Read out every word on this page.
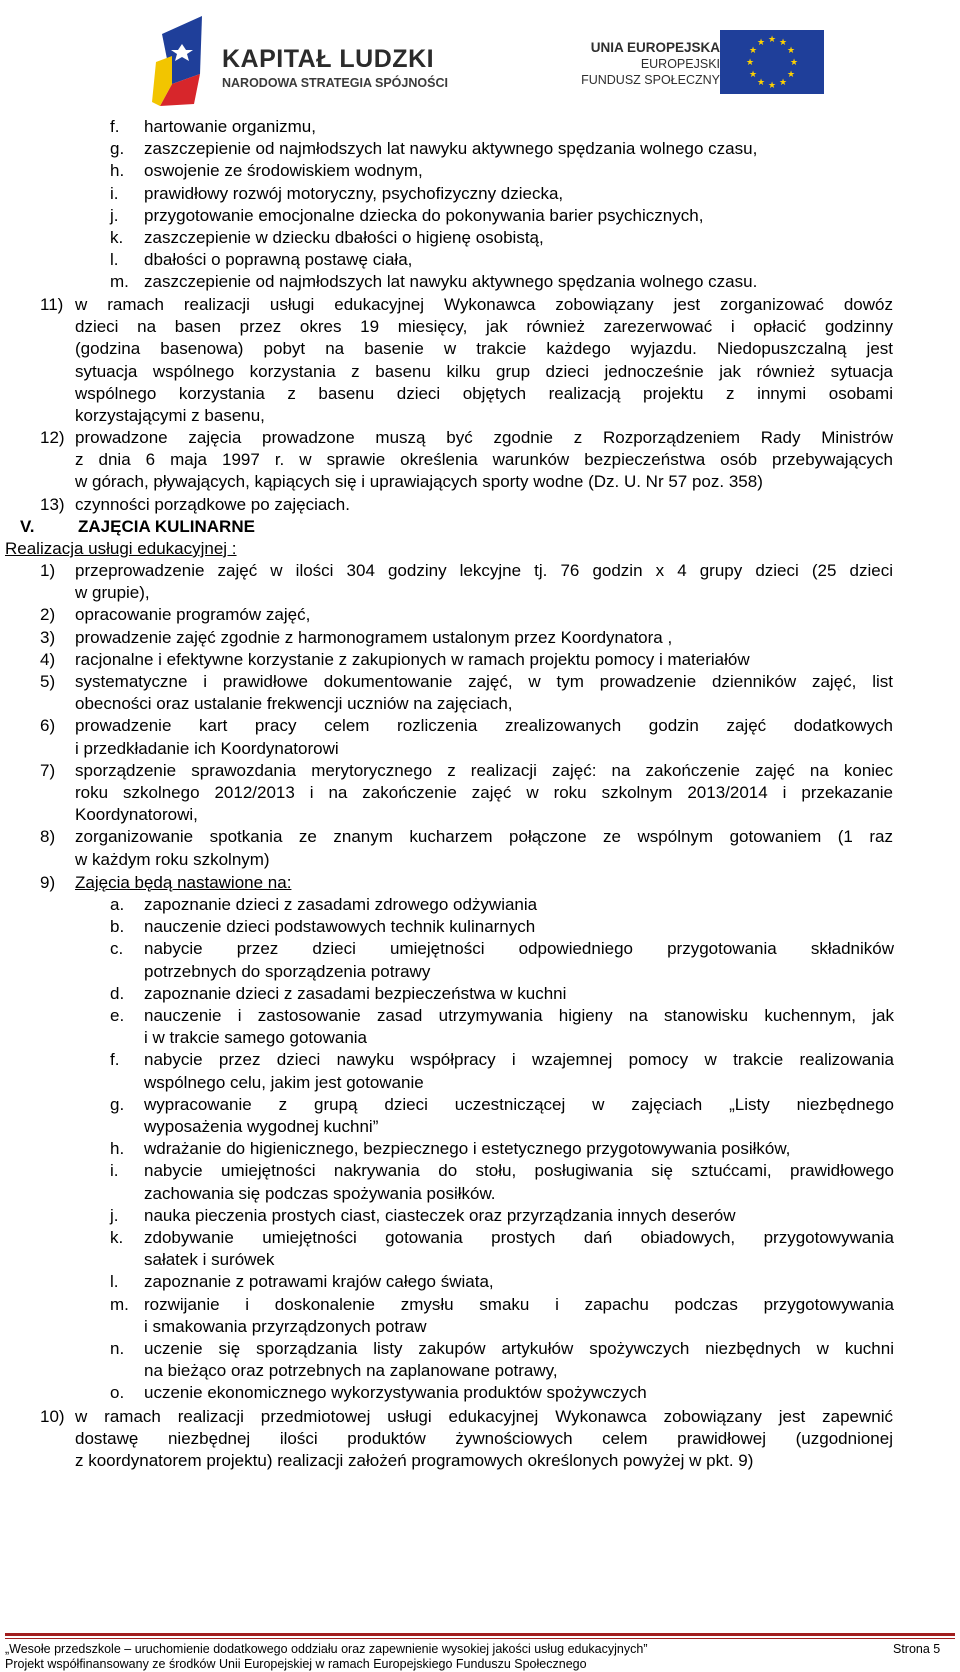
KAPITAŁ LUDZKI
NARODOWA STRATEGIA SPÓJNOŚCI
UNIA EUROPEJSKA
EUROPEJSKI
FUNDUSZ SPOŁECZNY
★ ★
★
★
★
★
★
★
★
★
★
★
f. hartowanie organizmu,
g. zaszczepienie od najmłodszych lat nawyku aktywnego spędzania wolnego czasu,
h. oswojenie ze środowiskiem wodnym,
i. prawidłowy rozwój motoryczny, psychofizyczny dziecka,
j. przygotowanie emocjonalne dziecka do pokonywania barier psychicznych,
k. zaszczepienie w dziecku dbałości o higienę osobistą,
l. dbałości o poprawną postawę ciała,
m. zaszczepienie od najmłodszych lat nawyku aktywnego spędzania wolnego czasu.
11) w ramach realizacji usługi edukacyjnej Wykonawca zobowiązany jest zorganizować dowóz
dzieci na basen przez okres 19 miesięcy, jak również zarezerwować i opłacić godzinny
(godzina basenowa) pobyt na basenie w trakcie każdego wyjazdu. Niedopuszczalną jest
sytuacja wspólnego korzystania z basenu kilku grup dzieci jednocześnie jak również sytuacja
wspólnego korzystania z basenu dzieci objętych realizacją projektu z innymi osobami
korzystającymi z basenu,
12) prowadzone zajęcia prowadzone muszą być zgodnie z Rozporządzeniem Rady Ministrów
z dnia 6 maja 1997 r. w sprawie określenia warunków bezpieczeństwa osób przebywających
w górach, pływających, kąpiących się i uprawiających sporty wodne (Dz. U. Nr 57 poz. 358)
13) czynności porządkowe po zajęciach.
V.	ZAJĘCIA KULINARNE
Realizacja usługi edukacyjnej :
1) przeprowadzenie zajęć w ilości 304 godziny lekcyjne tj. 76 godzin x 4 grupy dzieci (25 dzieci
w grupie),
2) opracowanie programów zajęć,
3) prowadzenie zajęć zgodnie z harmonogramem ustalonym przez Koordynatora ,
4) racjonalne i efektywne korzystanie z zakupionych w ramach projektu pomocy i materiałów
5) systematyczne i prawidłowe dokumentowanie zajęć, w tym prowadzenie dzienników zajęć, list
obecności oraz ustalanie frekwencji uczniów na zajęciach,
6) prowadzenie kart pracy celem rozliczenia zrealizowanych godzin zajęć dodatkowych
i przedkładanie ich Koordynatorowi
7) sporządzenie sprawozdania merytorycznego z realizacji zajęć: na zakończenie zajęć na koniec
roku szkolnego 2012/2013 i na zakończenie zajęć w roku szkolnym 2013/2014 i przekazanie
Koordynatorowi,
8) zorganizowanie spotkania ze znanym kucharzem połączone ze wspólnym gotowaniem (1 raz
w każdym roku szkolnym)
9) Zajęcia będą nastawione na:
a. zapoznanie dzieci z zasadami zdrowego odżywiania
b. nauczenie dzieci podstawowych technik kulinarnych
c. nabycie przez dzieci umiejętności odpowiedniego przygotowania składników
potrzebnych do sporządzenia potrawy
d. zapoznanie dzieci z zasadami bezpieczeństwa w kuchni
e. nauczenie i zastosowanie zasad utrzymywania higieny na stanowisku kuchennym, jak
i w trakcie samego gotowania
f. nabycie przez dzieci nawyku współpracy i wzajemnej pomocy w trakcie realizowania
wspólnego celu, jakim jest gotowanie
g. wypracowanie z grupą dzieci uczestniczącej w zajęciach „Listy niezbędnego
wyposażenia wygodnej kuchni”
h. wdrażanie do higienicznego, bezpiecznego i estetycznego przygotowywania posiłków,
i. nabycie umiejętności nakrywania do stołu, posługiwania się sztućcami, prawidłowego
zachowania się podczas spożywania posiłków.
j. nauka pieczenia prostych ciast, ciasteczek oraz przyrządzania innych deserów
k. zdobywanie umiejętności gotowania prostych dań obiadowych, przygotowywania
sałatek i surówek
l. zapoznanie z potrawami krajów całego świata,
m. rozwijanie i doskonalenie zmysłu smaku i zapachu podczas przygotowywania
i smakowania przyrządzonych potraw
n. uczenie się sporządzania listy zakupów artykułów spożywczych niezbędnych w kuchni
na bieżąco oraz potrzebnych na zaplanowane potrawy,
o. uczenie ekonomicznego wykorzystywania produktów spożywczych
10) w ramach realizacji przedmiotowej usługi edukacyjnej Wykonawca zobowiązany jest zapewnić
dostawę niezbędnej ilości produktów żywnościowych celem prawidłowej (uzgodnionej
z koordynatorem projektu) realizacji założeń programowych określonych powyżej w pkt. 9)
„Wesołe przedszkole – uruchomienie dodatkowego oddziału oraz zapewnienie wysokiej jakości usług edukacyjnych”
Projekt współfinansowany ze środków Unii Europejskiej w ramach Europejskiego Funduszu Społecznego
Strona 5
